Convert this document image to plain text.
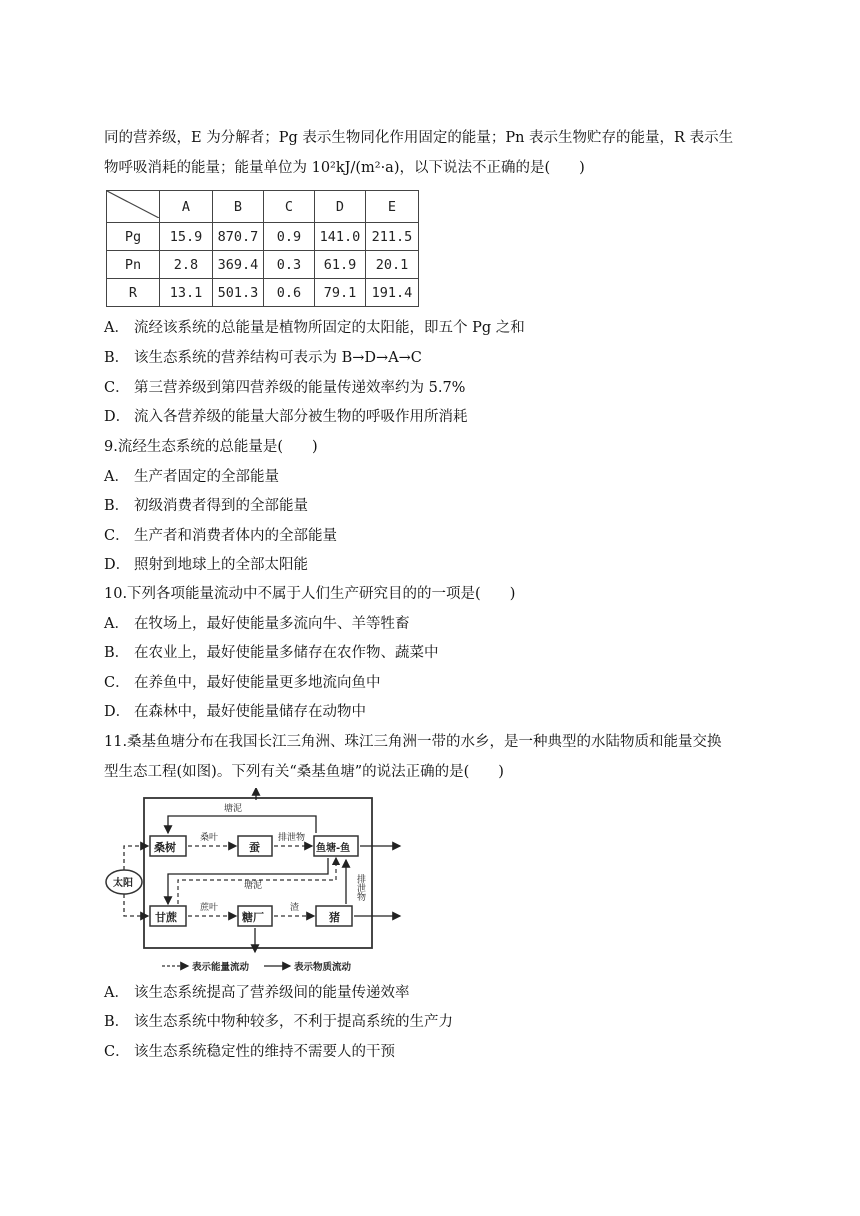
同的营养级，E 为分解者；Pg 表示生物同化作用固定的能量；Pn 表示生物贮存的能量，R 表示生
物呼吸消耗的能量；能量单位为 10²kJ/(m²·a)，以下说法不正确的是(　　)
	A	B	C	D	E
Pg	15.9	870.7	0.9	141.0	211.5
Pn	2.8	369.4	0.3	61.9	20.1
R	13.1	501.3	0.6	79.1	191.4
A． 流经该系统的总能量是植物所固定的太阳能，即五个 Pg 之和
B． 该生态系统的营养结构可表示为 B→D→A→C
C． 第三营养级到第四营养级的能量传递效率约为 5.7%
D． 流入各营养级的能量大部分被生物的呼吸作用所消耗
9.流经生态系统的总能量是(　　)
A． 生产者固定的全部能量
B． 初级消费者得到的全部能量
C． 生产者和消费者体内的全部能量
D． 照射到地球上的全部太阳能
10.下列各项能量流动中不属于人们生产研究目的的一项是(　　)
A． 在牧场上，最好使能量多流向牛、羊等牲畜
B． 在农业上，最好使能量多储存在农作物、蔬菜中
C． 在养鱼中，最好使能量更多地流向鱼中
D． 在森林中，最好使能量储存在动物中
11.桑基鱼塘分布在我国长江三角洲、珠江三角洲一带的水乡，是一种典型的水陆物质和能量交换
型生态工程(如图)。下列有关“桑基鱼塘”的说法正确的是(　　)
塘泥
桑树	蚕	鱼塘-鱼
甘蔗	糖厂	猪
太阳
桑叶	排泄物
塘泥
蔗叶	渣
排泄物
表示能量流动	表示物质流动
A． 该生态系统提高了营养级间的能量传递效率
B． 该生态系统中物种较多，不利于提高系统的生产力
C． 该生态系统稳定性的维持不需要人的干预
